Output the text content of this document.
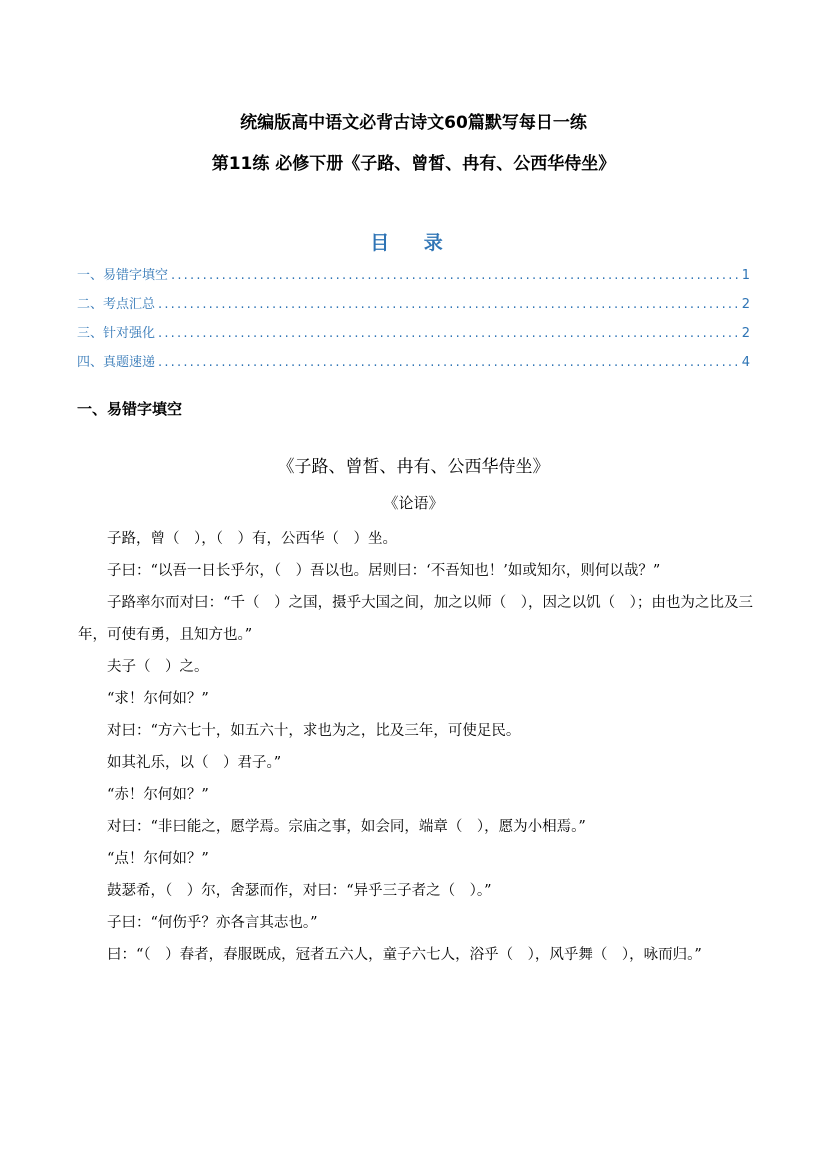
统编版高中语文必背古诗文60篇默写每日一练
第11练 必修下册《子路、曾皙、冉有、公西华侍坐》
目 录
一、易错字填空 .....	1
二、考点汇总 .....	2
三、针对强化 .....	2
四、真题速递 .....	4
一、易错字填空
《子路、曾皙、冉有、公西华侍坐》
《论语》

子路，曾（　），（　）有，公西华（　）坐。

子曰：“以吾一日长乎尔，（　）吾以也。居则曰：‘不吾知也！’如或知尔，则何以哉？”

子路率尔而对曰：“千（　）之国，摄乎大国之间，加之以师（　），因之以饥（　）；由也为之比及三年，可使有勇，且知方也。”

夫子（　）之。

“求！尔何如？”

对曰：“方六七十，如五六十，求也为之，比及三年，可使足民。

如其礼乐，以（　）君子。”

“赤！尔何如？”

对曰：“非曰能之，愿学焉。宗庙之事，如会同，端章（　），愿为小相焉。”

“点！尔何如？”

鼓瑟希，（　）尔，舍瑟而作，对曰：“异乎三子者之（　）。”

子曰：“何伤乎？亦各言其志也。”

曰：“（　）春者，春服既成，冠者五六人，童子六七人，浴乎（　），风乎舞（　），咏而归。”
